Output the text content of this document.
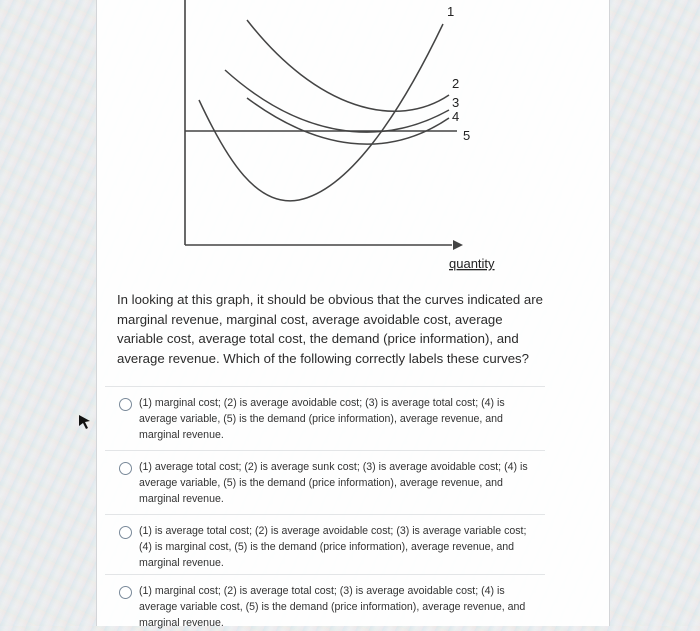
1
2
3
4
5
quantity
In looking at this graph, it should be obvious that the curves indicated are marginal revenue, marginal cost, average avoidable cost, average variable cost, average total cost, the demand (price information), and average revenue. Which of the following correctly labels these curves?
(1) marginal cost; (2) is average avoidable cost; (3) is average total cost; (4) is average variable, (5) is the demand (price information), average revenue, and marginal revenue.
(1) average total cost; (2) is average sunk cost; (3) is average avoidable cost; (4) is average variable, (5) is the demand (price information), average revenue, and marginal revenue.
(1) is average total cost; (2) is average avoidable cost; (3) is average variable cost; (4) is marginal cost, (5) is the demand (price information), average revenue, and marginal revenue.
(1) marginal cost; (2) is average total cost; (3) is average avoidable cost; (4) is average variable cost, (5) is the demand (price information), average revenue, and marginal revenue.
